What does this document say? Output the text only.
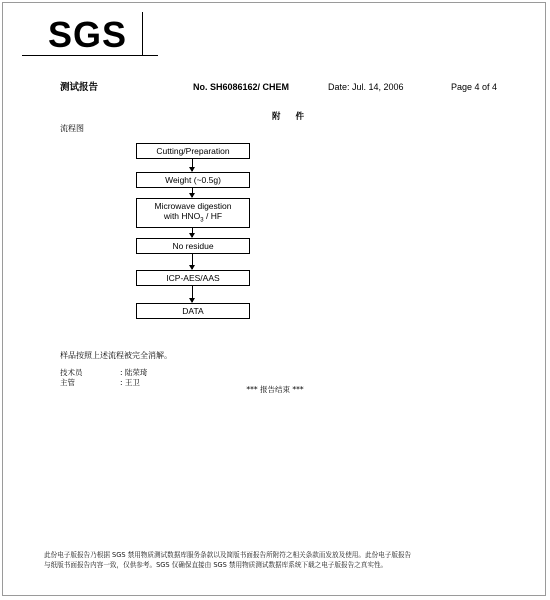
SGS
测试报告	No. SH6086162/ CHEM	Date: Jul. 14, 2006	Page 4 of 4
附 件
流程图
Cutting/Preparation
Weight (~0.5g)
Microwave digestion
with $HNO_3$ / HF
No residue
ICP-AES/AAS
DATA
样品按照上述流程被完全消解。
技术员	: 陆荣琦
主管	: 王卫
*** 报告结束 ***
此份电子版报告乃根据 SGS 禁用物质测试数据库服务条款以及简版书面报告所附符之相关条款而发放及使用。此份电子版报告
与纸版书面报告内容一致，仅供参考。SGS 仅确保直接由 SGS 禁用物质测试数据库系统下载之电子版报告之真实性。
